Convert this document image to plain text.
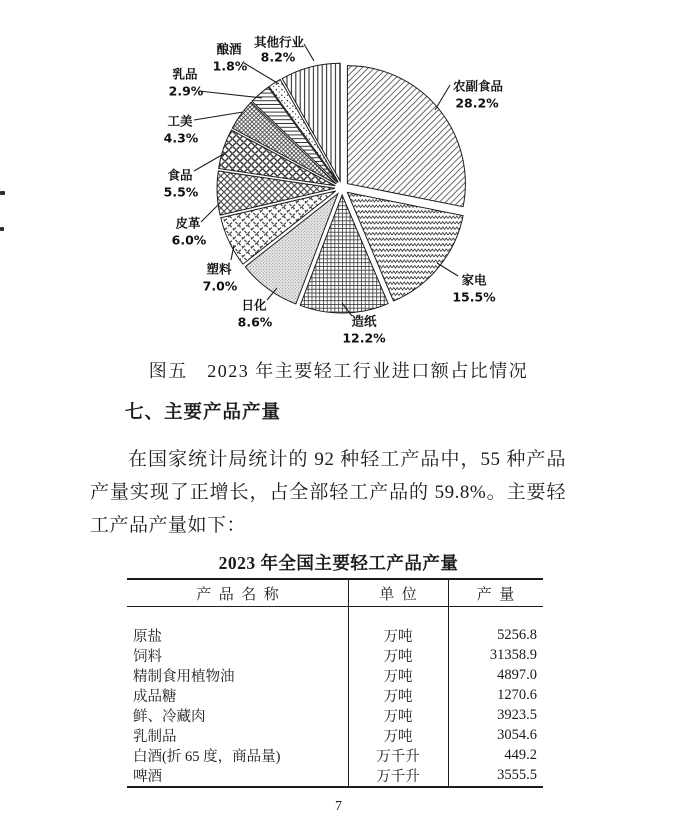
农副食品
28.2%
家电
15.5%
造纸
12.2%
日化
8.6%
塑料
7.0%
皮革
6.0%
食品
5.5%
工美
4.3%
乳品
2.9%
酿酒
1.8%
其他行业
8.2%
图五　2023 年主要轻工行业进口额占比情况
七、主要产品产量
在国家统计局统计的 92 种轻工产品中，55 种产品产量实现了正增长，占全部轻工产品的 59.8%。主要轻工产品产量如下：
2023 年全国主要轻工产品产量
产  品  名  称	单  位	产  量
原盐	万吨	5256.8
饲料	万吨	31358.9
精制食用植物油	万吨	4897.0
成品糖	万吨	1270.6
鲜、冷藏肉	万吨	3923.5
乳制品	万吨	3054.6
白酒(折 65 度，商品量)	万千升	449.2
啤酒	万千升	3555.5
7
